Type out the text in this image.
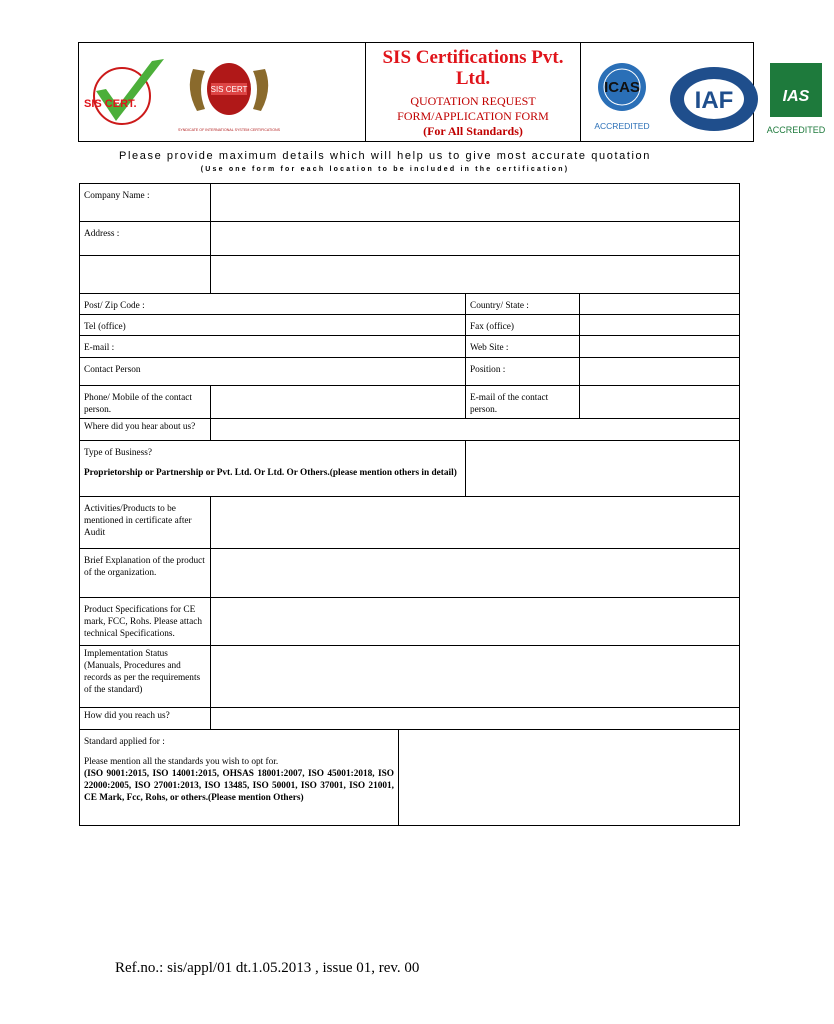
SIS CERT.
SIS CERT
SYNDICATE OF INTERNATIONAL SYSTEM CERTIFICATIONS
SIS Certifications Pvt. Ltd.
QUOTATION REQUEST
FORM/APPLICATION FORM
(For All Standards)
ICAS
ACCREDITED
IAF	IAS
ACCREDITED
Please provide maximum details which will help us to give most accurate quotation
(Use one form for each location to be included in the certification)
Company Name :				
Address :				

Post/ Zip Code :			Country/ State :	
Tel (office)			Fax (office)	
E-mail :			Web Site :	
Contact Person			Position :	
Phone/ Mobile of the contact person.			E-mail of the contact person.	
Where did you hear about us?				

Type of Business?
Proprietorship or Partnership or Pvt. Ltd. Or Ltd. Or Others.(please mention others in detail)				

Activities/Products to be mentioned in certificate after Audit				
Brief Explanation of the product of the organization.				
Product Specifications for CE mark, FCC, Rohs. Please attach technical Specifications.				
Implementation Status (Manuals, Procedures and records as per the requirements of the standard)				
How did you reach us?				

Standard applied for :
Please mention all the standards you wish to opt for.
(ISO 9001:2015, ISO 14001:2015, OHSAS 18001:2007, ISO 45001:2018, ISO 22000:2005, ISO 27001:2013, ISO 13485, ISO 50001, ISO 37001, ISO 21001, CE Mark, Fcc, Rohs, or others.(Please mention Others)				

Ref.no.: sis/appl/01 dt.1.05.2013 , issue 01, rev. 00
